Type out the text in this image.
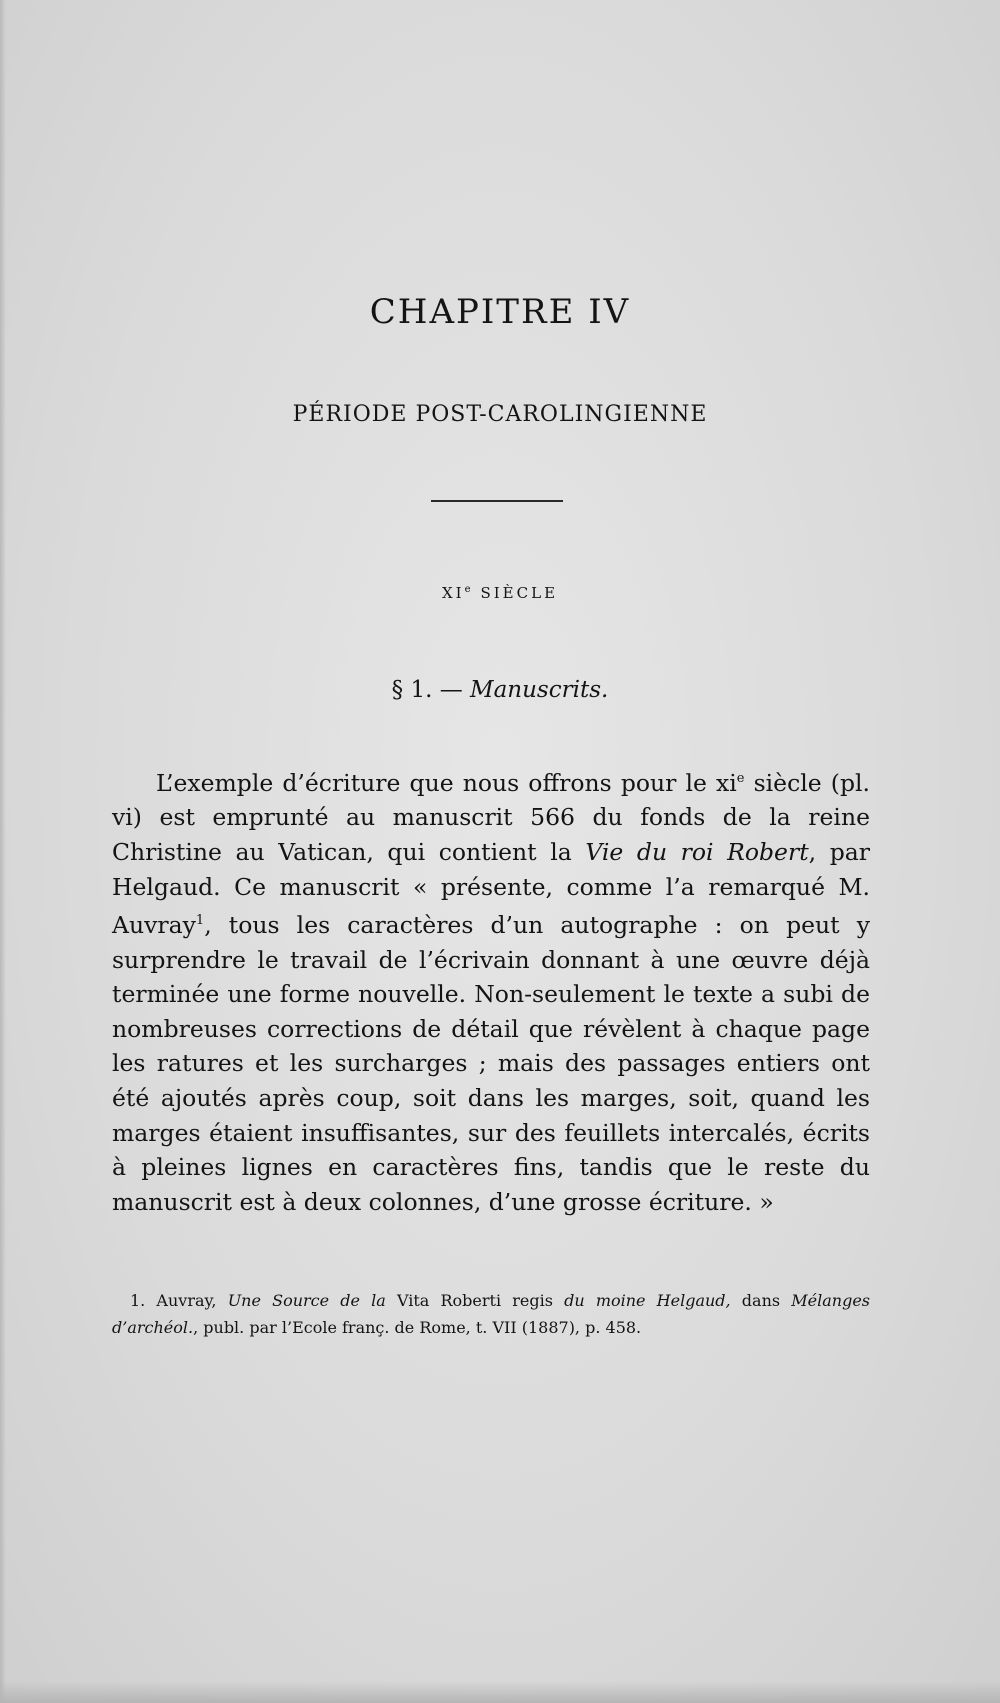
CHAPITRE IV
PÉRIODE POST-CAROLINGIENNE
XIe SIÈCLE
§ 1. — Manuscrits.

L’exemple d’écriture que nous offrons pour le $xi^e$ siècle (pl. vi) est emprunté au manuscrit 566 du fonds de la reine Christine au Vatican, qui contient la Vie du roi Robert, par Helgaud. Ce manuscrit « présente, comme l’a remarqué M. Auvray$^1$, tous les caractères d’un autographe : on peut y surprendre le travail de l’écrivain donnant à une œuvre déjà terminée une forme nouvelle. Non-seulement le texte a subi de nombreuses corrections de détail que révèlent à chaque page les ratures et les surcharges ; mais des passages entiers ont été ajoutés après coup, soit dans les marges, soit, quand les marges étaient insuffisantes, sur des feuillets intercalés, écrits à pleines lignes en caractères fins, tandis que le reste du manuscrit est à deux colonnes, d’une grosse écriture. »

1. Auvray, Une Source de la Vita Roberti regis du moine Helgaud, dans Mélanges d’archéol., publ. par l’Ecole franç. de Rome, t. VII (1887), p. 458.
